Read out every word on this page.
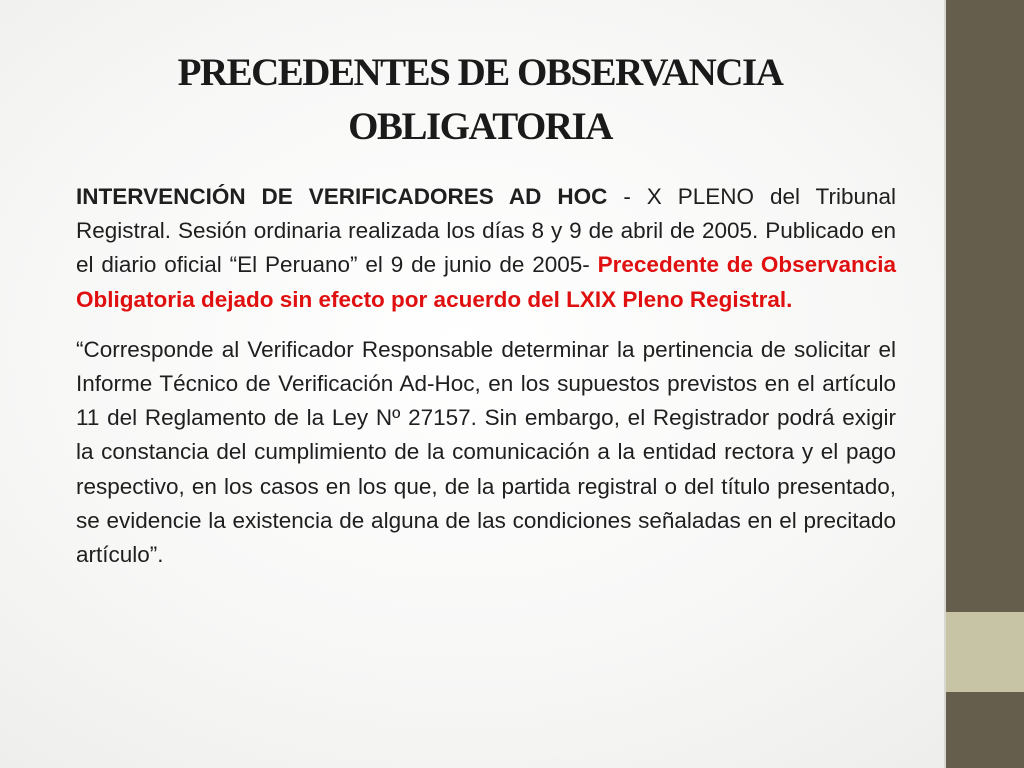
PRECEDENTES DE OBSERVANCIA
OBLIGATORIA

INTERVENCIÓN DE VERIFICADORES AD HOC - X PLENO del Tribunal Registral. Sesión ordinaria realizada los días 8 y 9 de abril de 2005. Publicado en el diario oficial “El Peruano” el 9 de junio de 2005- Precedente de Observancia Obligatoria dejado sin efecto por acuerdo del LXIX Pleno Registral.

“Corresponde al Verificador Responsable determinar la pertinencia de solicitar el Informe Técnico de Verificación Ad-Hoc, en los supuestos previstos en el artículo 11 del Reglamento de la Ley Nº 27157. Sin embargo, el Registrador podrá exigir la constancia del cumplimiento de la comunicación a la entidad rectora y el pago respectivo, en los casos en los que, de la partida registral o del título presentado, se evidencie la existencia de alguna de las condiciones señaladas en el precitado artículo”.
